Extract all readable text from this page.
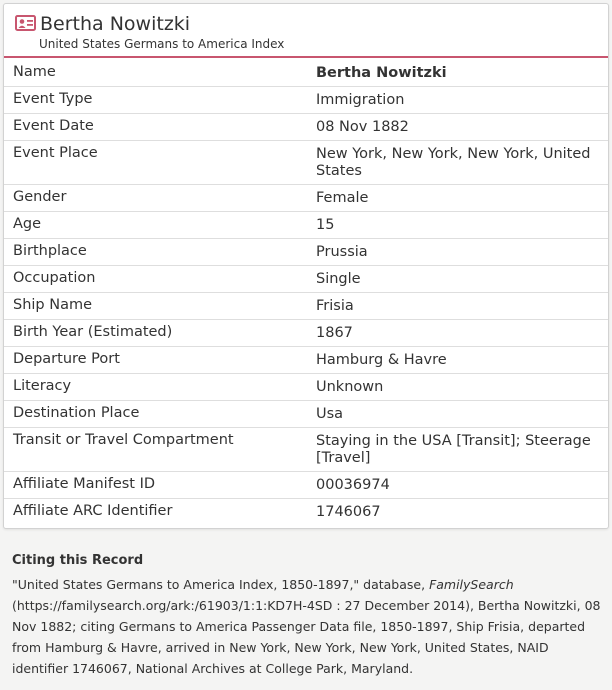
Bertha Nowitzki
United States Germans to America Index
Name	Bertha Nowitzki
Event Type	Immigration
Event Date	08 Nov 1882
Event Place	New York, New York, New York, United States
Gender	Female
Age	15
Birthplace	Prussia
Occupation	Single
Ship Name	Frisia
Birth Year (Estimated)	1867
Departure Port	Hamburg & Havre
Literacy	Unknown
Destination Place	Usa
Transit or Travel Compartment	Staying in the USA [Transit]; Steerage [Travel]
Affiliate Manifest ID	00036974
Affiliate ARC Identifier	1746067
Citing this Record
"United States Germans to America Index, 1850-1897," database, FamilySearch (https://familysearch.org/ark:/61903/1:1:KD7H-4SD : 27 December 2014), Bertha Nowitzki, 08 Nov 1882; citing Germans to America Passenger Data file, 1850-1897, Ship Frisia, departed from Hamburg & Havre, arrived in New York, New York, New York, United States, NAID identifier 1746067, National Archives at College Park, Maryland.
